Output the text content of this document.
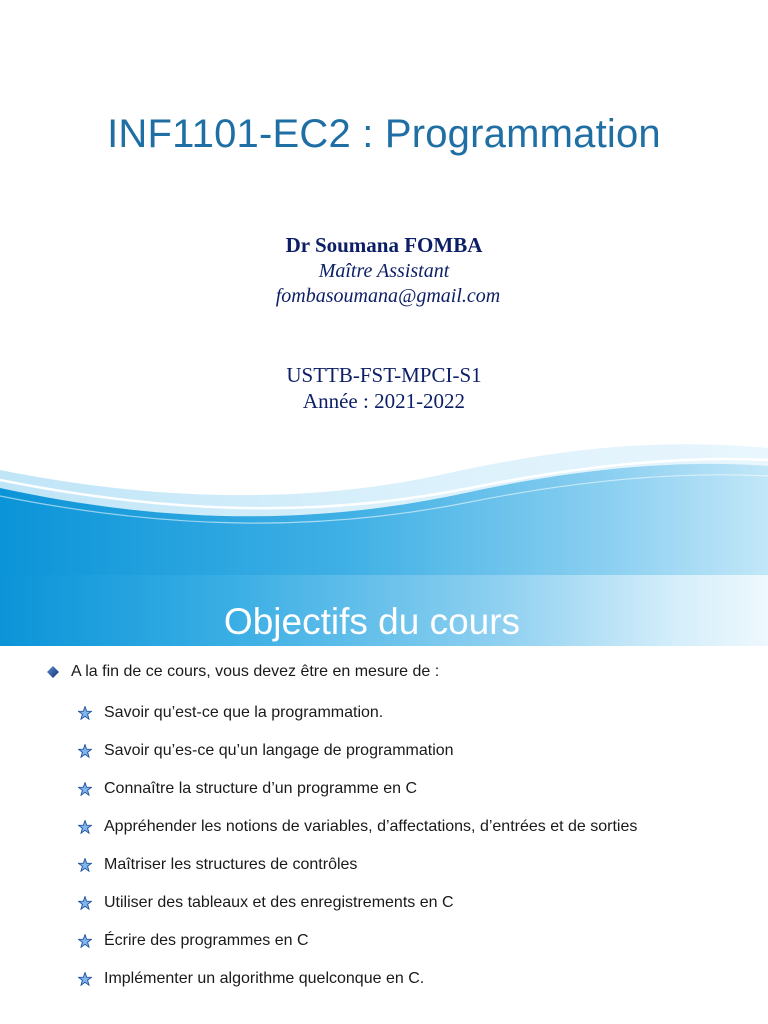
INF1101-EC2 : Programmation
Dr Soumana FOMBA
Maître Assistant
fombasoumana@gmail.com
USTTB-FST-MPCI-S1
Année : 2021-2022
Objectifs du cours
A la fin de ce cours, vous devez être en mesure de :
Savoir qu’est-ce que la programmation.
Savoir qu’es-ce qu’un langage de programmation
Connaître la structure d’un programme en C
Appréhender les notions de variables, d’affectations, d’entrées et de sorties
Maîtriser les structures de contrôles
Utiliser des tableaux et des enregistrements en C
Écrire des programmes en C
Implémenter un algorithme quelconque en C.
